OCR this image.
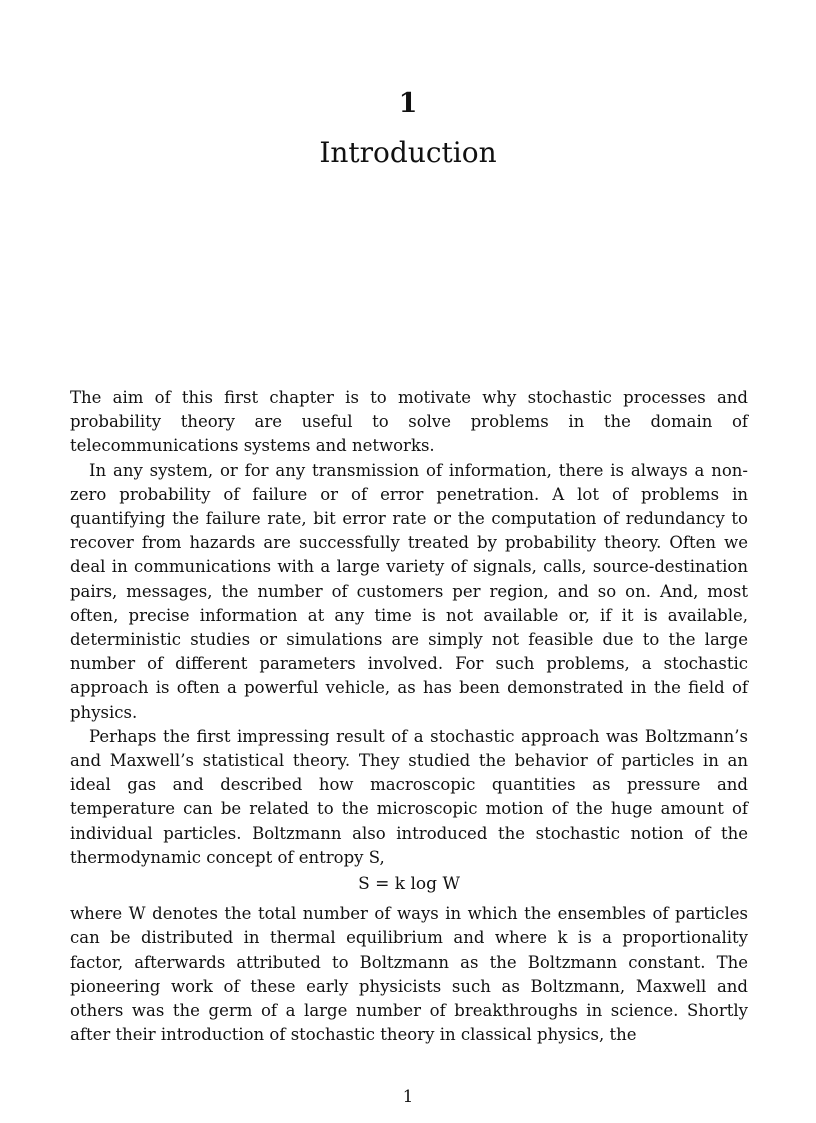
1
Introduction

The aim of this first chapter is to motivate why stochastic processes and probability theory are useful to solve problems in the domain of telecommunications systems and networks.

In any system, or for any transmission of information, there is always a non-zero probability of failure or of error penetration. A lot of problems in quantifying the failure rate, bit error rate or the computation of redundancy to recover from hazards are successfully treated by probability theory. Often we deal in communications with a large variety of signals, calls, source-destination pairs, messages, the number of customers per region, and so on. And, most often, precise information at any time is not available or, if it is available, deterministic studies or simulations are simply not feasible due to the large number of different parameters involved. For such problems, a stochastic approach is often a powerful vehicle, as has been demonstrated in the field of physics.

Perhaps the first impressing result of a stochastic approach was Boltzmann’s and Maxwell’s statistical theory. They studied the behavior of particles in an ideal gas and described how macroscopic quantities as pressure and temperature can be related to the microscopic motion of the huge amount of individual particles. Boltzmann also introduced the stochastic notion of the thermodynamic concept of entropy S,

S = k log W

where W denotes the total number of ways in which the ensembles of particles can be distributed in thermal equilibrium and where k is a proportionality factor, afterwards attributed to Boltzmann as the Boltzmann constant. The pioneering work of these early physicists such as Boltzmann, Maxwell and others was the germ of a large number of breakthroughs in science. Shortly after their introduction of stochastic theory in classical physics, the

1
